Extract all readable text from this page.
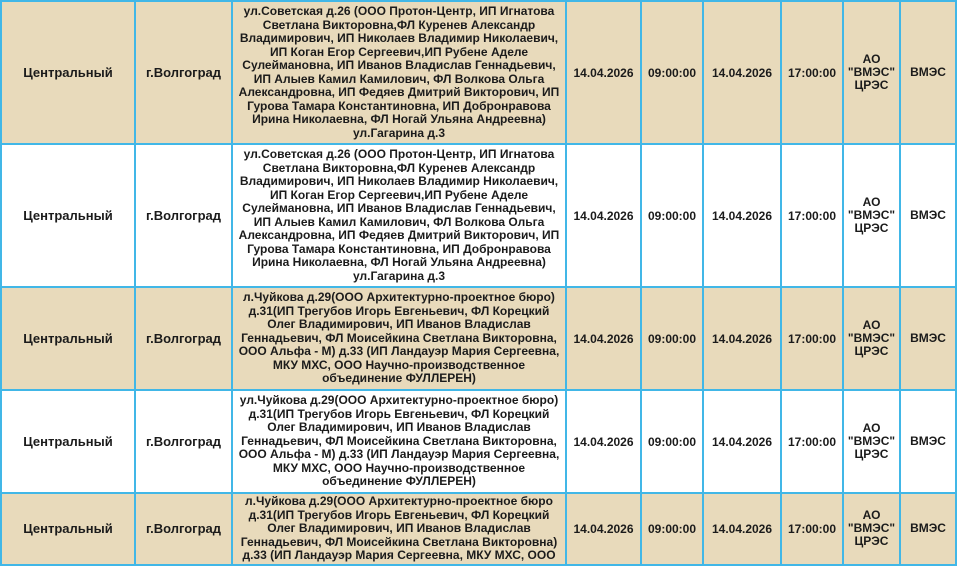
Центральный	г.Волгоград	ул.Советская д.26 (ООО Протон-Центр, ИП Игнатова Светлана Викторовна,ФЛ Куренев Александр Владимирович, ИП Николаев Владимир Николаевич, ИП Коган Егор Сергеевич,ИП Рубене Аделе Сулеймановна, ИП Иванов Владислав Геннадьевич, ИП Алыев Камил Камилович, ФЛ Волкова Ольга Александровна, ИП Федяев Дмитрий Викторович, ИП Гурова Тамара Константиновна, ИП Добронравова Ирина Николаевна, ФЛ Ногай Ульяна Андреевна) ул.Гагарина д.3	14.04.2026	09:00:00	14.04.2026	17:00:00	АО "ВМЭС" ЦРЭС	ВМЭС
Центральный	г.Волгоград	ул.Советская д.26 (ООО Протон-Центр, ИП Игнатова Светлана Викторовна,ФЛ Куренев Александр Владимирович, ИП Николаев Владимир Николаевич, ИП Коган Егор Сергеевич,ИП Рубене Аделе Сулеймановна, ИП Иванов Владислав Геннадьевич, ИП Алыев Камил Камилович, ФЛ Волкова Ольга Александровна, ИП Федяев Дмитрий Викторович, ИП Гурова Тамара Константиновна, ИП Добронравова Ирина Николаевна, ФЛ Ногай Ульяна Андреевна) ул.Гагарина д.3	14.04.2026	09:00:00	14.04.2026	17:00:00	АО "ВМЭС" ЦРЭС	ВМЭС
Центральный	г.Волгоград	л.Чуйкова д.29(ООО Архитектурно-проектное бюро) д.31(ИП Трегубов Игорь Евгеньевич, ФЛ Корецкий Олег Владимирович, ИП Иванов Владислав Геннадьевич, ФЛ Моисейкина Светлана Викторовна, ООО Альфа - М) д.33 (ИП Ландауэр Мария Сергеевна, МКУ МХС, ООО Научно-производственное объединение ФУЛЛЕРЕН)	14.04.2026	09:00:00	14.04.2026	17:00:00	АО "ВМЭС" ЦРЭС	ВМЭС
Центральный	г.Волгоград	ул.Чуйкова д.29(ООО Архитектурно-проектное бюро) д.31(ИП Трегубов Игорь Евгеньевич, ФЛ Корецкий Олег Владимирович, ИП Иванов Владислав Геннадьевич, ФЛ Моисейкина Светлана Викторовна, ООО Альфа - М) д.33 (ИП Ландауэр Мария Сергеевна, МКУ МХС, ООО Научно-производственное объединение ФУЛЛЕРЕН)	14.04.2026	09:00:00	14.04.2026	17:00:00	АО "ВМЭС" ЦРЭС	ВМЭС
Центральный	г.Волгоград	л.Чуйкова д.29(ООО Архитектурно-проектное бюро д.31(ИП Трегубов Игорь Евгеньевич, ФЛ Корецкий Олег Владимирович, ИП Иванов Владислав Геннадьевич, ФЛ Моисейкина Светлана Викторовна) д.33 (ИП Ландауэр Мария Сергеевна, МКУ МХС, ООО	14.04.2026	09:00:00	14.04.2026	17:00:00	АО "ВМЭС" ЦРЭС	ВМЭС
